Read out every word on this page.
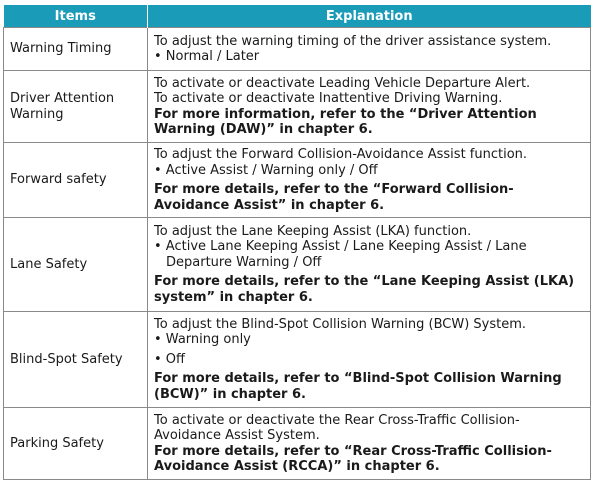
Items	Explanation
Warning Timing	To adjust the warning timing of the driver assistance system.
• Normal / Later

Driver Attention Warning	To activate or deactivate Leading Vehicle Departure Alert.
To activate or deactivate Inattentive Driving Warning.
For more information, refer to the “Driver Attention Warning (DAW)” in chapter 6.

Forward safety	To adjust the Forward Collision-Avoidance Assist function.
• Active Assist / Warning only / Off
For more details, refer to the “Forward Collision-Avoidance Assist” in chapter 6.

Lane Safety	To adjust the Lane Keeping Assist (LKA) function.
• Active Lane Keeping Assist / Lane Keeping Assist / Lane Departure Warning / Off
For more details, refer to the “Lane Keeping Assist (LKA) system” in chapter 6.

Blind-Spot Safety	To adjust the Blind-Spot Collision Warning (BCW) System.
• Warning only
• Off
For more details, refer to “Blind-Spot Collision Warning (BCW)” in chapter 6.

Parking Safety	To activate or deactivate the Rear Cross-Traffic Collision-Avoidance Assist System.
For more details, refer to “Rear Cross-Traffic Collision-Avoidance Assist (RCCA)” in chapter 6.
